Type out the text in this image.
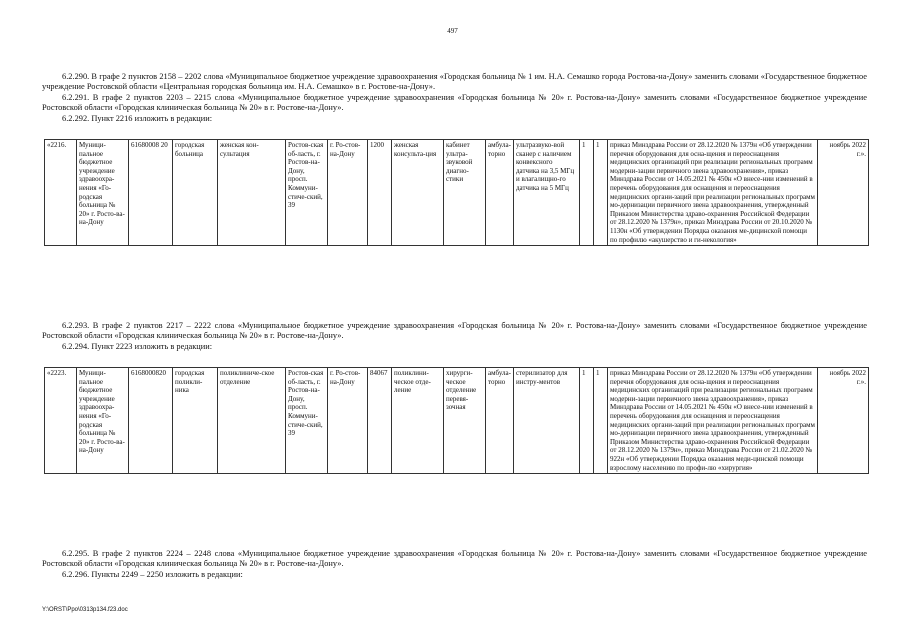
497

6.2.290. В графе 2 пунктов 2158 – 2202 слова «Муниципальное бюджетное учреждение здравоохранения «Городская больница № 1 им. Н.А. Семашко города Ростова-на-Дону» заменить словами «Государственное бюджетное учреждение Ростовской области «Центральная городская больница им. Н.А. Семашко» в г. Ростове-на-Дону».

6.2.291. В графе 2 пунктов 2203 – 2215 слова «Муниципальное бюджетное учреждение здравоохранения «Городская больница № 20» г. Ростова-на-Дону» заменить словами «Государственное бюджетное учреждение Ростовской области «Городская клиническая больница № 20» в г. Ростове-на-Дону».

6.2.292. Пункт 2216 изложить в редакции:

«2216.	Муници-пальное бюджетное учреждение здравоохра-нения «Го-родская больница № 20» г. Росто-ва-на-Дону	61680008 20	городская больница	женская кон-сультация	Ростов-ская об-ласть, г. Ростов-на-Дону, просп. Коммуни-стиче-ский, 39	г. Ро-стов-на-Дону	1200	женская консульта-ция	кабинет ультра-звуковой диагно-стики	амбула-торно	ультразвуко-вой сканер с наличием конвексного датчика на 3,5 МГц и влагалищно-го датчика на 5 МГц	1	1	приказ Минздрава России от 28.12.2020 № 1379н «Об утверждении перечня оборудования для осна-щения и переоснащения медицинских организаций при реализации региональных программ модерни-зации первичного звена здравоохранения», приказ Минздрава России от 14.05.2021 № 450н «О внесе-нии изменений в перечень оборудования для оснащения и переоснащения медицинских органи-заций при реализации региональных программ мо-дернизации первичного звена здравоохранения, утвержденный Приказом Министерства здраво-охранения Российской Федерации от 28.12.2020 № 1379н», приказ Минздрава России от 20.10.2020 № 1130н «Об утверждении Порядка оказания ме-дицинской помощи по профилю «акушерство и ги-некология»	ноябрь 2022 г.».

6.2.293. В графе 2 пунктов 2217 – 2222 слова «Муниципальное бюджетное учреждение здравоохранения «Городская больница № 20» г. Ростова-на-Дону» заменить словами «Государственное бюджетное учреждение Ростовской области «Городская клиническая больница № 20» в г. Ростове-на-Дону».

6.2.294. Пункт 2223 изложить в редакции:

«2223.	Муници-пальное бюджетное учреждение здравоохра-нения «Го-родская больница № 20» г. Росто-ва-на-Дону	6168000820	городская поликли-ника	поликлиниче-ское отделение	Ростов-ская об-ласть, г. Ростов-на-Дону, просп. Коммуни-стиче-ский, 39	г. Ро-стов-на-Дону	84067	поликлини-ческое отде-ление	хирурги-ческое отделение перевя-зочная	амбула-торно	стерилизатор для инстру-ментов	1	1	приказ Минздрава России от 28.12.2020 № 1379н «Об утверждении перечня оборудования для осна-щения и переоснащения медицинских организаций при реализации региональных программ модерни-зации первичного звена здравоохранения», приказ Минздрава России от 14.05.2021 № 450н «О внесе-нии изменений в перечень оборудования для оснащения и переоснащения медицинских органи-заций при реализации региональных программ мо-дернизации первичного звена здравоохранения, утвержденный Приказом Министерства здраво-охранения Российской Федерации от 28.12.2020 № 1379н», приказ Минздрава России от 21.02.2020 № 922н «Об утверждении Порядка оказания меди-цинской помощи взрослому населению по профи-лю «хирургия»	ноябрь 2022 г.».

6.2.295. В графе 2 пунктов 2224 – 2248 слова «Муниципальное бюджетное учреждение здравоохранения «Городская больница № 20» г. Ростова-на-Дону» заменить словами «Государственное бюджетное учреждение Ростовской области «Городская клиническая больница № 20» в г. Ростове-на-Дону».

6.2.296. Пункты 2249 – 2250 изложить в редакции:

Y:\ORST\Ppo\0313p134.f23.doc
